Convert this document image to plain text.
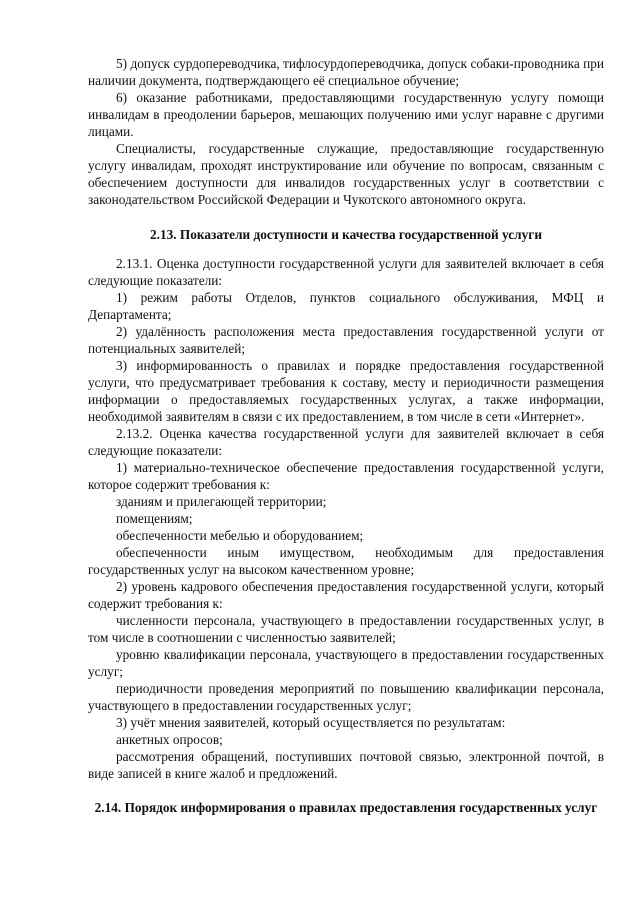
5) допуск сурдопереводчика, тифлосурдопереводчика, допуск собаки-проводника при наличии документа, подтверждающего её специальное обучение;

6) оказание работниками, предоставляющими государственную услугу помощи инвалидам в преодолении барьеров, мешающих получению ими услуг наравне с другими лицами.

Специалисты, государственные служащие, предоставляющие государственную услугу инвалидам, проходят инструктирование или обучение по вопросам, связанным с обеспечением доступности для инвалидов государственных услуг в соответствии с законодательством Российской Федерации и Чукотского автономного округа.

2.13. Показатели доступности и качества государственной услуги

2.13.1. Оценка доступности государственной услуги для заявителей включает в себя следующие показатели:

1) режим работы Отделов, пунктов социального обслуживания, МФЦ и Департамента;

2) удалённость расположения места предоставления государственной услуги от потенциальных заявителей;

3) информированность о правилах и порядке предоставления государственной услуги, что предусматривает требования к составу, месту и периодичности размещения информации о предоставляемых государственных услугах, а также информации, необходимой заявителям в связи с их предоставлением, в том числе в сети «Интернет».

2.13.2. Оценка качества государственной услуги для заявителей включает в себя следующие показатели:

1) материально-техническое обеспечение предоставления государственной услуги, которое содержит требования к:

зданиям и прилегающей территории;

помещениям;

обеспеченности мебелью и оборудованием;

обеспеченности иным имуществом, необходимым для предоставления государственных услуг на высоком качественном уровне;

2) уровень кадрового обеспечения предоставления государственной услуги, который содержит требования к:

численности персонала, участвующего в предоставлении государственных услуг, в том числе в соотношении с численностью заявителей;

уровню квалификации персонала, участвующего в предоставлении государственных услуг;

периодичности проведения мероприятий по повышению квалификации персонала, участвующего в предоставлении государственных услуг;

3) учёт мнения заявителей, который осуществляется по результатам:

анкетных опросов;

рассмотрения обращений, поступивших почтовой связью, электронной почтой, в виде записей в книге жалоб и предложений.

2.14. Порядок информирования о правилах предоставления государственных услуг
